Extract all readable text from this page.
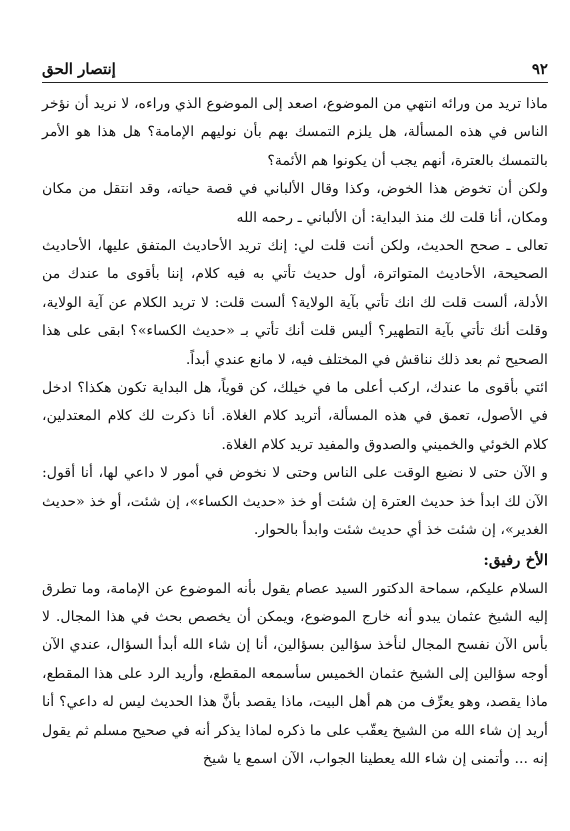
إنتصار الحق	٩٢

ماذا تريد من ورائه انتهي من الموضوع، اصعد إلى الموضوع الذي وراءه، لا نريد أن نؤخر الناس في هذه المسألة، هل يلزم التمسك بهم بأن نوليهم الإمامة؟ هل هذا هو الأمر بالتمسك بالعترة، أنهم يجب أن يكونوا هم الأئمة؟

ولكن أن تخوض هذا الخوض، وكذا وقال الألباني في قصة حياته، وقد انتقل من مكان ومكان، أنا قلت لك منذ البداية: أن الألباني ـ رحمه الله

تعالى ـ صحح الحديث، ولكن أنت قلت لي: إنك تريد الأحاديث المتفق عليها، الأحاديث الصحيحة، الأحاديث المتواترة، أول حديث تأتي به فيه كلام، إننا بأقوى ما عندك من الأدلة، ألست قلت لك انك تأتي بآية الولاية؟ ألست قلت: لا تريد الكلام عن آية الولاية، وقلت أنك تأتي بآية التطهير؟ أليس قلت أنك تأتي بـ «حديث الكساء»؟ ابقى على هذا الصحيح ثم بعد ذلك نناقش في المختلف فيه، لا مانع عندي أبداً.

ائتي بأقوى ما عندك، اركب أعلى ما في خيلك، كن قوياً، هل البداية تكون هكذا؟ ادخل في الأصول، تعمق في هذه المسألة، أتريد كلام الغلاة. أنا ذكرت لك كلام المعتدلين، كلام الخوئي والخميني والصدوق والمفيد تريد كلام الغلاة.

و الآن حتى لا نضيع الوقت على الناس وحتى لا نخوض في أمور لا داعي لها، أنا أقول: الآن لك ابدأ خذ حديث العترة إن شئت أو خذ «حديث الكساء»، إن شئت، أو خذ «حديث الغدير»، إن شئت خذ أي حديث شئت وابدأ بالحوار.

الأخ رفيق:

السلام عليكم، سماحة الدكتور السيد عصام يقول بأنه الموضوع عن الإمامة، وما تطرق إليه الشيخ عثمان يبدو أنه خارج الموضوع، ويمكن أن يخصص بحث في هذا المجال. لا بأس الآن نفسح المجال لنأخذ سؤالين بسؤالين، أنا إن شاء الله أبدأ السؤال، عندي الآن أوجه سؤالين إلى الشيخ عثمان الخميس سأسمعه المقطع، وأريد الرد على هذا المقطع، ماذا يقصد، وهو يعرِّف من هم أهل البيت، ماذا يقصد بأنَّ هذا الحديث ليس له داعي؟ أنا أريد إن شاء الله من الشيخ يعقّب على ما ذكره لماذا يذكر أنه في صحيح مسلم ثم يقول إنه ... وأتمنى إن شاء الله يعطينا الجواب، الآن اسمع يا شيخ
